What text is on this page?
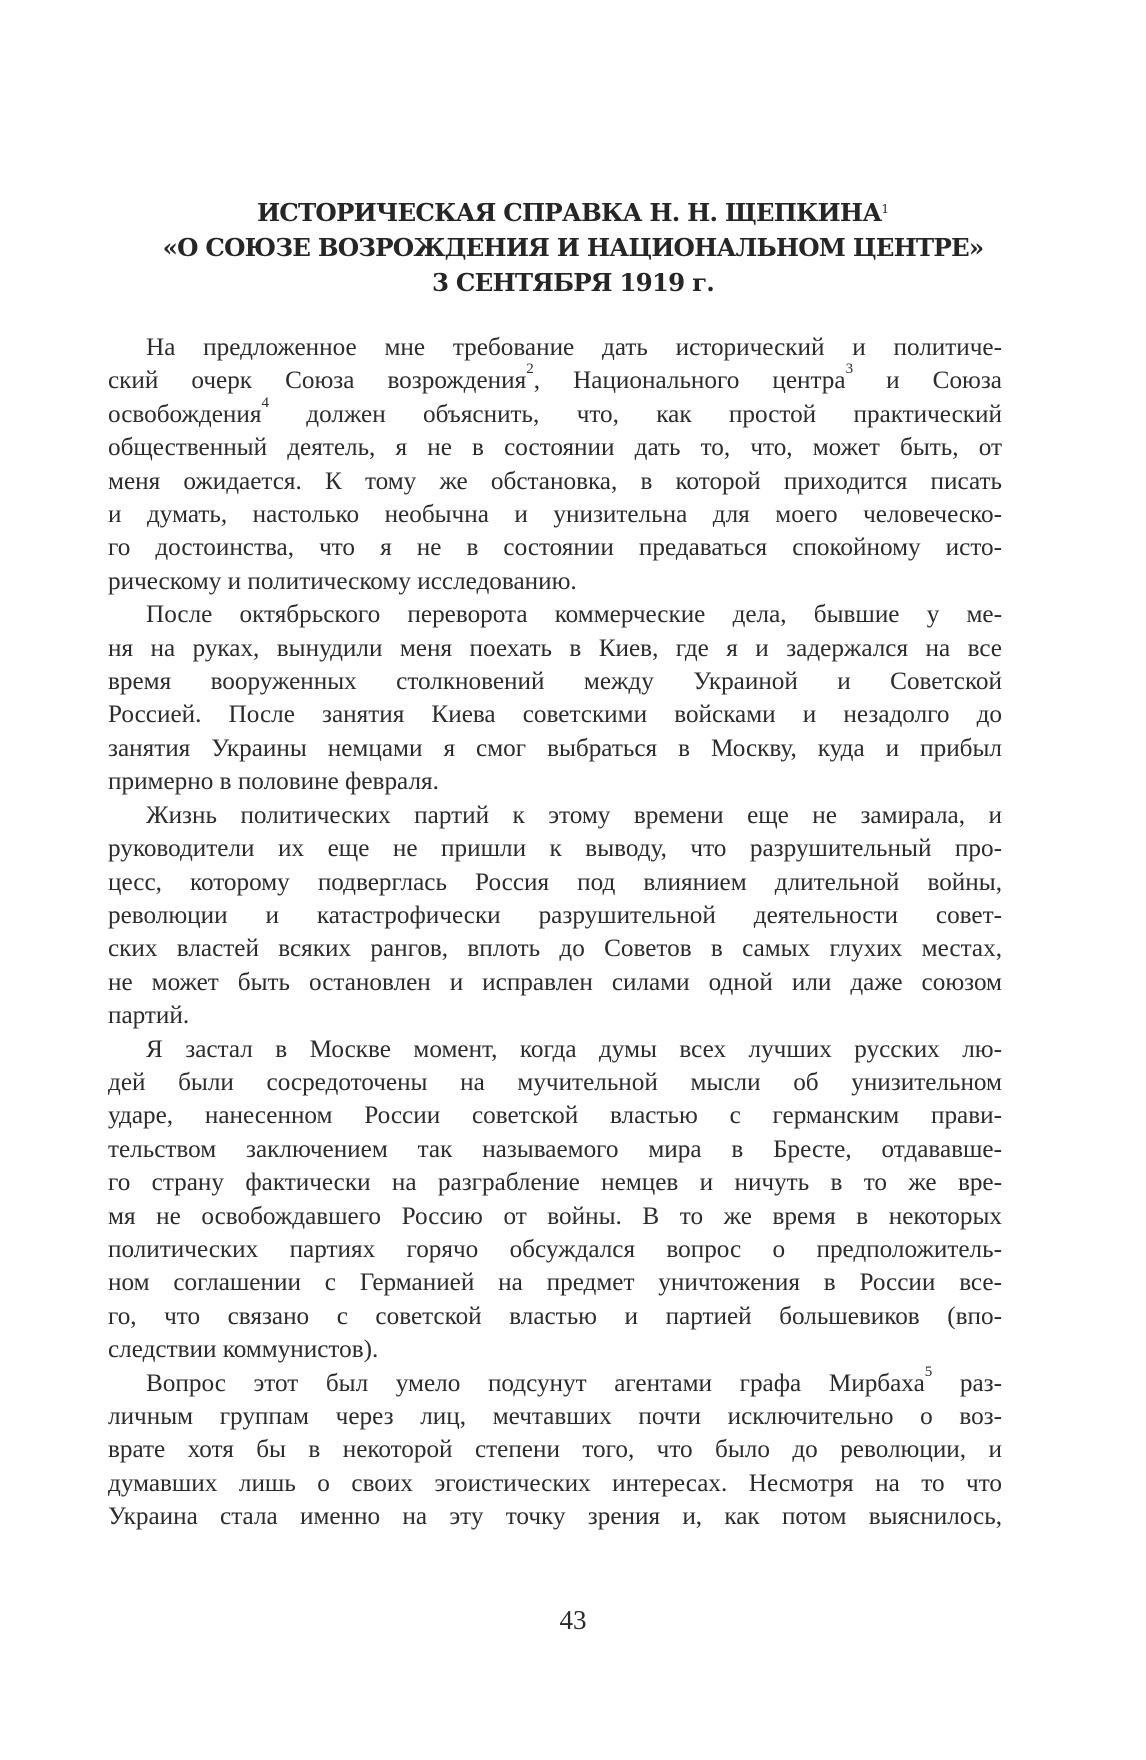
ИСТОРИЧЕСКАЯ СПРАВКА Н. Н. ЩЕПКИНА$^1$
«О СОЮЗЕ ВОЗРОЖДЕНИЯ И НАЦИОНАЛЬНОМ ЦЕНТРЕ»
3 СЕНТЯБРЯ 1919 г.
На предложенное мне требование дать исторический и политиче-
ский очерк Союза возрождения$^2$, Национального центра$^3$ и Союза
освобождения$^4$ должен объяснить, что, как простой практический
общественный деятель, я не в состоянии дать то, что, может быть, от
меня ожидается. К тому же обстановка, в которой приходится писать
и думать, настолько необычна и унизительна для моего человеческо-
го достоинства, что я не в состоянии предаваться спокойному исто-
рическому и политическому исследованию.
После октябрьского переворота коммерческие дела, бывшие у ме-
ня на руках, вынудили меня поехать в Киев, где я и задержался на все
время вооруженных столкновений между Украиной и Советской
Россией. После занятия Киева советскими войсками и незадолго до
занятия Украины немцами я смог выбраться в Москву, куда и прибыл
примерно в половине февраля.
Жизнь политических партий к этому времени еще не замирала, и
руководители их еще не пришли к выводу, что разрушительный про-
цесс, которому подверглась Россия под влиянием длительной войны,
революции и катастрофически разрушительной деятельности совет-
ских властей всяких рангов, вплоть до Советов в самых глухих местах,
не может быть остановлен и исправлен силами одной или даже союзом
партий.
Я застал в Москве момент, когда думы всех лучших русских лю-
дей были сосредоточены на мучительной мысли об унизительном
ударе, нанесенном России советской властью с германским прави-
тельством заключением так называемого мира в Бресте, отдававше-
го страну фактически на разграбление немцев и ничуть в то же вре-
мя не освобождавшего Россию от войны. В то же время в некоторых
политических партиях горячо обсуждался вопрос о предположитель-
ном соглашении с Германией на предмет уничтожения в России все-
го, что связано с советской властью и партией большевиков (впо-
следствии коммунистов).
Вопрос этот был умело подсунут агентами графа Мирбаха$^5$ раз-
личным группам через лиц, мечтавших почти исключительно о воз-
врате хотя бы в некоторой степени того, что было до революции, и
думавших лишь о своих эгоистических интересах. Несмотря на то что
Украина стала именно на эту точку зрения и, как потом выяснилось,
43
